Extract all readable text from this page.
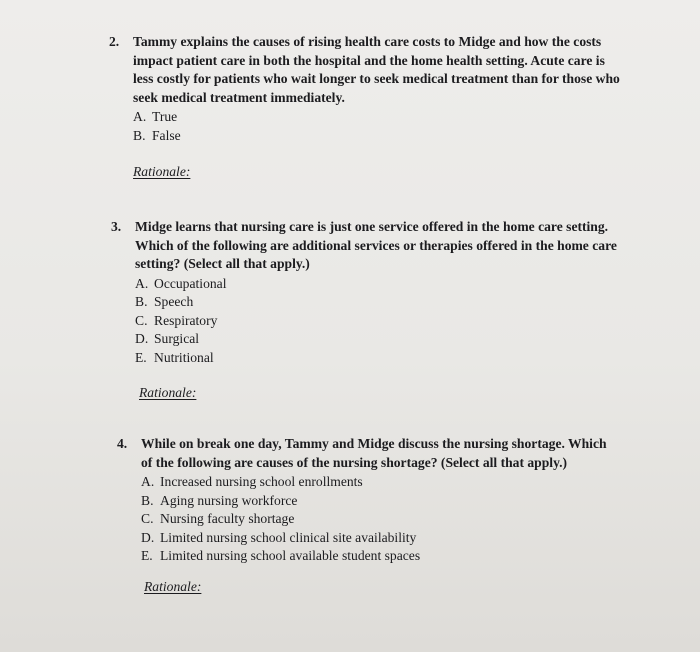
2. Tammy explains the causes of rising health care costs to Midge and how the costs impact patient care in both the hospital and the home health setting. Acute care is less costly for patients who wait longer to seek medical treatment than for those who seek medical treatment immediately.

A. True
B. False
Rationale:
3. Midge learns that nursing care is just one service offered in the home care setting. Which of the following are additional services or therapies offered in the home care setting? (Select all that apply.)

A. Occupational
B. Speech
C. Respiratory
D. Surgical
E. Nutritional
Rationale:
4. While on break one day, Tammy and Midge discuss the nursing shortage. Which of the following are causes of the nursing shortage? (Select all that apply.)

A. Increased nursing school enrollments
B. Aging nursing workforce
C. Nursing faculty shortage
D. Limited nursing school clinical site availability
E. Limited nursing school available student spaces
Rationale:
